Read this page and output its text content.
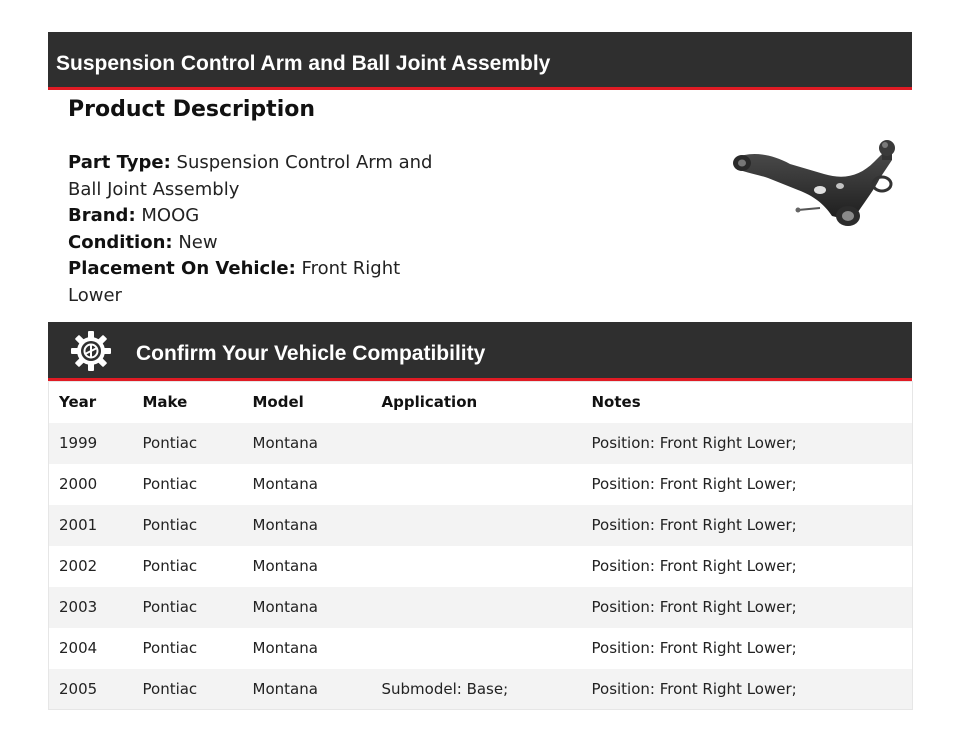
Suspension Control Arm and Ball Joint Assembly
Product Description
Part Type: Suspension Control Arm and Ball Joint Assembly
Brand: MOOG
Condition: New
Placement On Vehicle: Front Right Lower
Confirm Your Vehicle Compatibility
Year	Make	Model	Application	Notes
1999	Pontiac	Montana		Position: Front Right Lower;
2000	Pontiac	Montana		Position: Front Right Lower;
2001	Pontiac	Montana		Position: Front Right Lower;
2002	Pontiac	Montana		Position: Front Right Lower;
2003	Pontiac	Montana		Position: Front Right Lower;
2004	Pontiac	Montana		Position: Front Right Lower;
2005	Pontiac	Montana	Submodel: Base;	Position: Front Right Lower;
